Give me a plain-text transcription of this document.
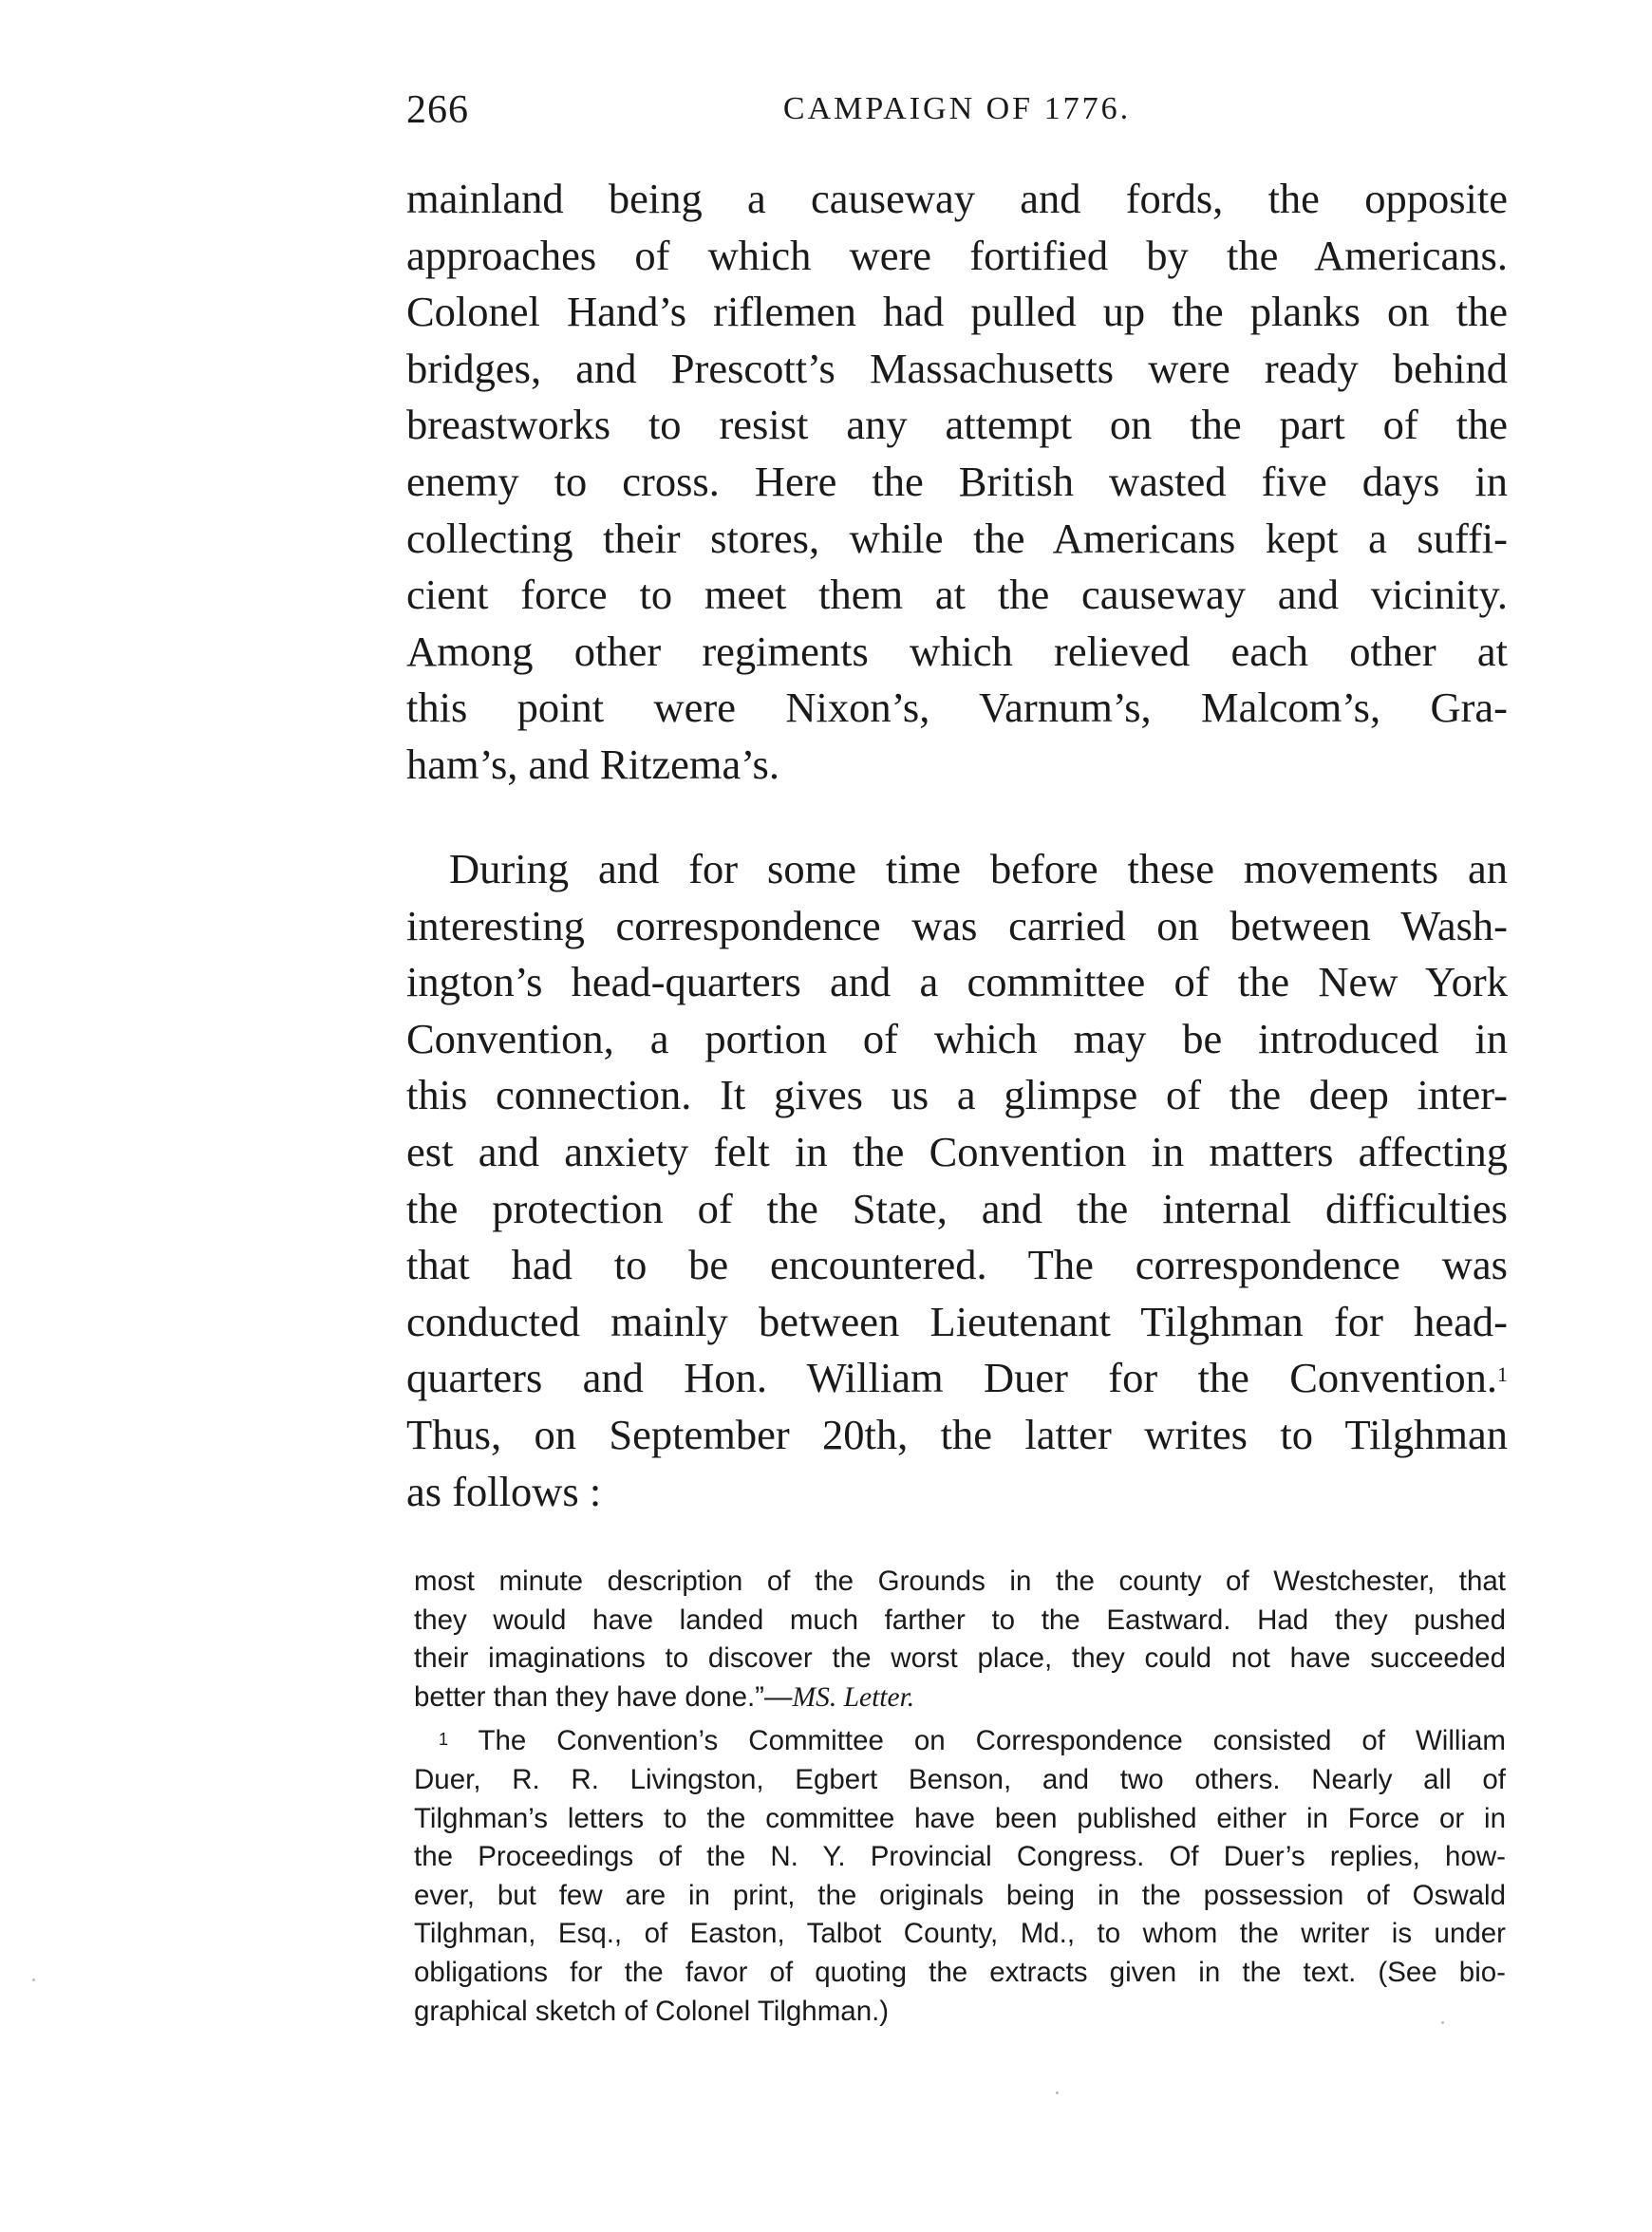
266	CAMPAIGN OF 1776.
mainland being a causeway and fords, the opposite
approaches of which were fortified by the Americans.
Colonel Hand’s riflemen had pulled up the planks on the
bridges, and Prescott’s Massachusetts were ready behind
breastworks to resist any attempt on the part of the
enemy to cross. Here the British wasted five days in
collecting their stores, while the Americans kept a suffi-
cient force to meet them at the causeway and vicinity.
Among other regiments which relieved each other at
this point were Nixon’s, Varnum’s, Malcom’s, Gra-
ham’s, and Ritzema’s.
During and for some time before these movements an
interesting correspondence was carried on between Wash-
ington’s head-quarters and a committee of the New York
Convention, a portion of which may be introduced in
this connection. It gives us a glimpse of the deep inter-
est and anxiety felt in the Convention in matters affecting
the protection of the State, and the internal difficulties
that had to be encountered. The correspondence was
conducted mainly between Lieutenant Tilghman for head-
quarters and Hon. William Duer for the Convention.$^1$
Thus, on September 20th, the latter writes to Tilghman
as follows :
most minute description of the Grounds in the county of Westchester, that
they would have landed much farther to the Eastward. Had they pushed
their imaginations to discover the worst place, they could not have succeeded
better than they have done.”—MS. Letter.
$^1$ The Convention’s Committee on Correspondence consisted of William
Duer, R. R. Livingston, Egbert Benson, and two others. Nearly all of
Tilghman’s letters to the committee have been published either in Force or in
the Proceedings of the N. Y. Provincial Congress. Of Duer’s replies, how-
ever, but few are in print, the originals being in the possession of Oswald
Tilghman, Esq., of Easton, Talbot County, Md., to whom the writer is under
obligations for the favor of quoting the extracts given in the text. (See bio-
graphical sketch of Colonel Tilghman.)
